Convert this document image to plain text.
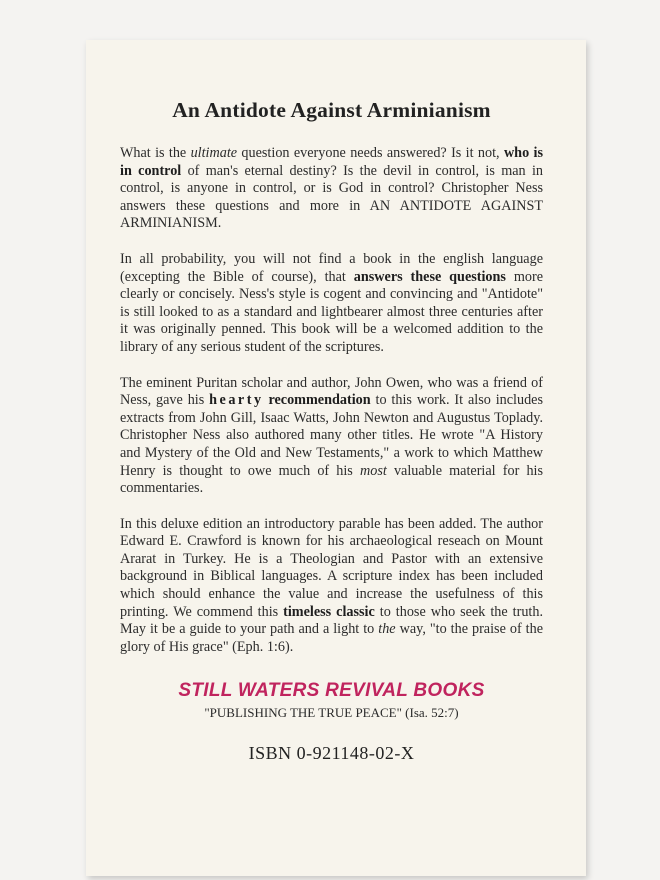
An Antidote Against Arminianism

What is the ultimate question everyone needs answered? Is it not, who is in control of man's eternal destiny? Is the devil in control, is man in control, is anyone in control, or is God in control? Christopher Ness answers these questions and more in AN ANTIDOTE AGAINST ARMINIANISM.

In all probability, you will not find a book in the english language (excepting the Bible of course), that answers these questions more clearly or concisely. Ness's style is cogent and convincing and "Antidote" is still looked to as a standard and lightbearer almost three centuries after it was originally penned. This book will be a welcomed addition to the library of any serious student of the scriptures.

The eminent Puritan scholar and author, John Owen, who was a friend of Ness, gave his hearty recommendation to this work. It also includes extracts from John Gill, Isaac Watts, John Newton and Augustus Toplady. Christopher Ness also authored many other titles. He wrote "A History and Mystery of the Old and New Testaments," a work to which Matthew Henry is thought to owe much of his most valuable material for his commentaries.

In this deluxe edition an introductory parable has been added. The author Edward E. Crawford is known for his archaeological reseach on Mount Ararat in Turkey. He is a Theologian and Pastor with an extensive background in Biblical languages. A scripture index has been included which should enhance the value and increase the usefulness of this printing. We commend this timeless classic to those who seek the truth. May it be a guide to your path and a light to the way, "to the praise of the glory of His grace" (Eph. 1:6).

STILL WATERS REVIVAL BOOKS
"PUBLISHING THE TRUE PEACE" (Isa. 52:7)
ISBN 0-921148-02-X
